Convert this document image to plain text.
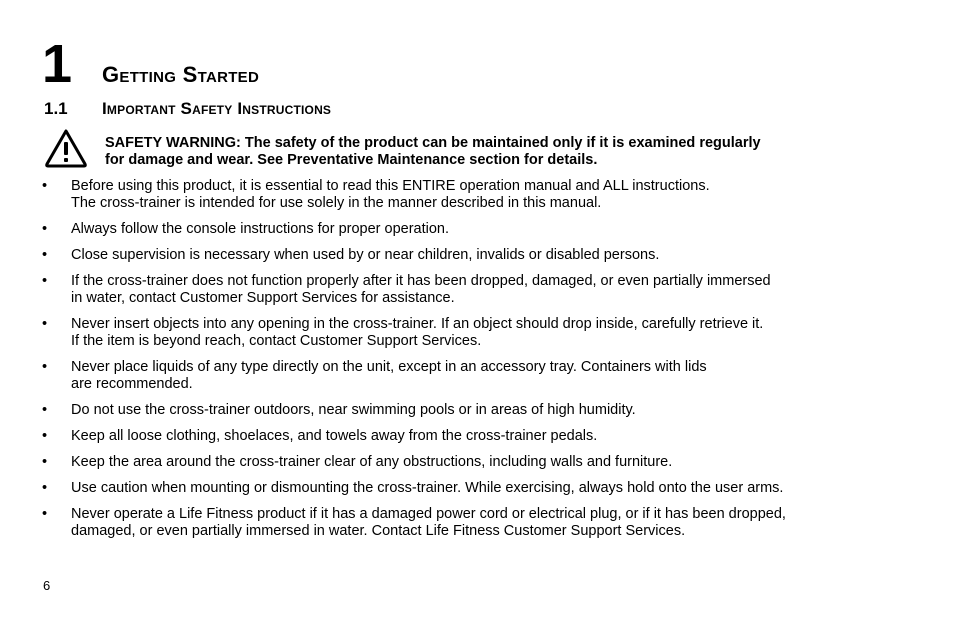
1 Getting Started
1.1 Important Safety Instructions
SAFETY WARNING: The safety of the product can be maintained only if it is examined regularly
for damage and wear. See Preventative Maintenance section for details.
• Before using this product, it is essential to read this ENTIRE operation manual and ALL instructions.
The cross-trainer is intended for use solely in the manner described in this manual.
• Always follow the console instructions for proper operation.
• Close supervision is necessary when used by or near children, invalids or disabled persons.
• If the cross-trainer does not function properly after it has been dropped, damaged, or even partially immersed
in water, contact Customer Support Services for assistance.
• Never insert objects into any opening in the cross-trainer. If an object should drop inside, carefully retrieve it.
If the item is beyond reach, contact Customer Support Services.
• Never place liquids of any type directly on the unit, except in an accessory tray. Containers with lids
are recommended.
• Do not use the cross-trainer outdoors, near swimming pools or in areas of high humidity.
• Keep all loose clothing, shoelaces, and towels away from the cross-trainer pedals.
• Keep the area around the cross-trainer clear of any obstructions, including walls and furniture.
• Use caution when mounting or dismounting the cross-trainer. While exercising, always hold onto the user arms.
• Never operate a Life Fitness product if it has a damaged power cord or electrical plug, or if it has been dropped,
damaged, or even partially immersed in water. Contact Life Fitness Customer Support Services.
6
